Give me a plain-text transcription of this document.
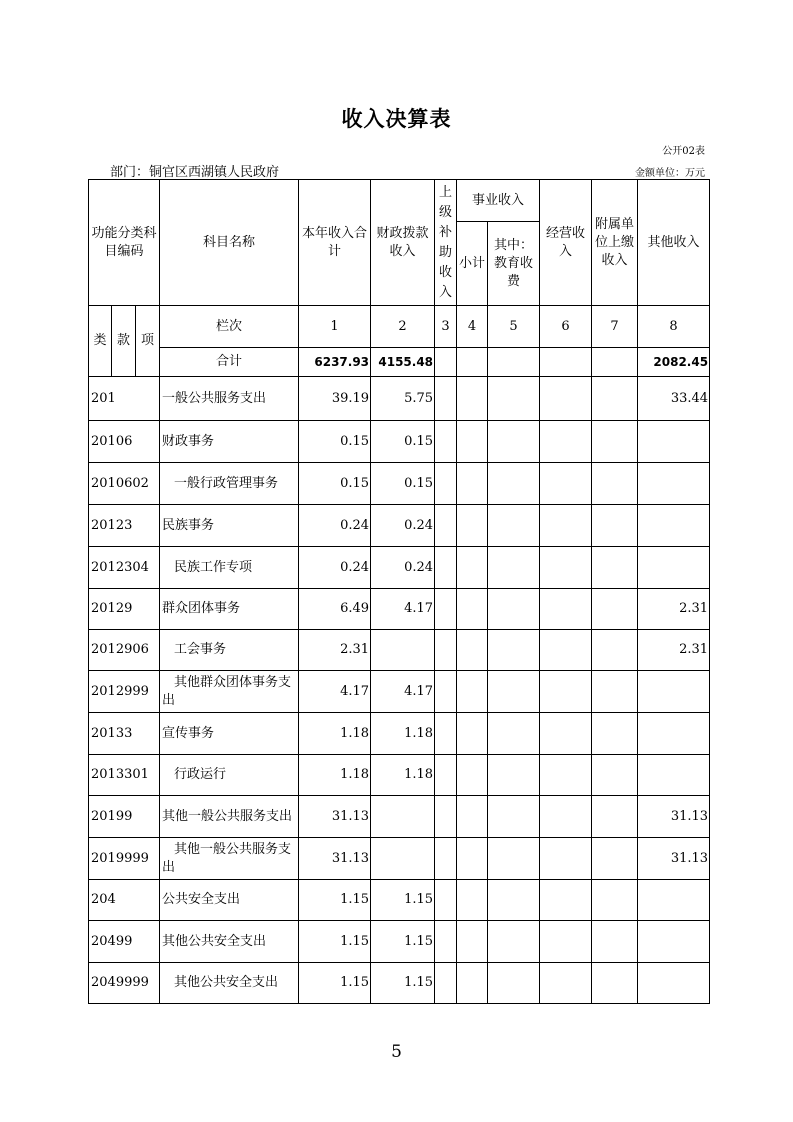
收入决算表
公开02表
部门：铜官区西湖镇人民政府	金额单位：万元
功能分类科目编码			科目名称	本年收入合计	财政拨款收入	上级补助收入	事业收入		经营收入	附属单位上缴收入	其他收入
							小计	其中：教育收费			
类	款	项	栏次	1	2	3	4	5	6	7	8
			合计	6237.93	4155.48						2082.45
201			一般公共服务支出	39.19	5.75						33.44
20106			财政事务	0.15	0.15						
2010602			一般行政管理事务	0.15	0.15						
20123			民族事务	0.24	0.24						
2012304			民族工作专项	0.24	0.24						
20129			群众团体事务	6.49	4.17						2.31
2012906			工会事务	2.31							2.31
2012999			其他群众团体事务支出	4.17	4.17						
20133			宣传事务	1.18	1.18						
2013301			行政运行	1.18	1.18						
20199			其他一般公共服务支出	31.13							31.13
2019999			其他一般公共服务支出	31.13							31.13
204			公共安全支出	1.15	1.15						
20499			其他公共安全支出	1.15	1.15						
2049999			其他公共安全支出	1.15	1.15						
5
